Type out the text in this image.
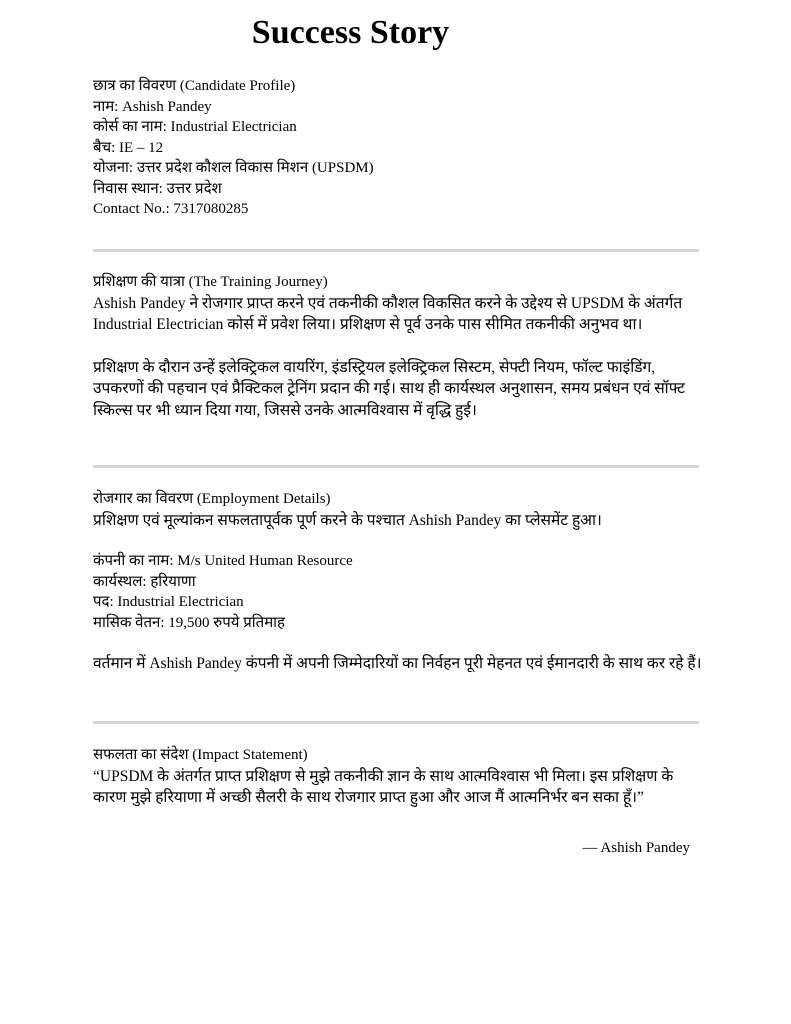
Success Story
छात्र का विवरण (Candidate Profile)
नाम: Ashish Pandey
कोर्स का नाम: Industrial Electrician
बैच: IE – 12
योजना: उत्तर प्रदेश कौशल विकास मिशन (UPSDM)
निवास स्थान: उत्तर प्रदेश
Contact No.: 7317080285
प्रशिक्षण की यात्रा (The Training Journey)
Ashish Pandey ने रोजगार प्राप्त करने एवं तकनीकी कौशल विकसित करने के उद्देश्य से UPSDM के अंतर्गत Industrial Electrician कोर्स में प्रवेश लिया। प्रशिक्षण से पूर्व उनके पास सीमित तकनीकी अनुभव था।
प्रशिक्षण के दौरान उन्हें इलेक्ट्रिकल वायरिंग, इंडस्ट्रियल इलेक्ट्रिकल सिस्टम, सेफ्टी नियम, फॉल्ट फाइंडिंग, उपकरणों की पहचान एवं प्रैक्टिकल ट्रेनिंग प्रदान की गई। साथ ही कार्यस्थल अनुशासन, समय प्रबंधन एवं सॉफ्ट स्किल्स पर भी ध्यान दिया गया, जिससे उनके आत्मविश्वास में वृद्धि हुई।
रोजगार का विवरण (Employment Details)
प्रशिक्षण एवं मूल्यांकन सफलतापूर्वक पूर्ण करने के पश्चात Ashish Pandey का प्लेसमेंट हुआ।
कंपनी का नाम: M/s United Human Resource
कार्यस्थल: हरियाणा
पद: Industrial Electrician
मासिक वेतन: 19,500 रुपये प्रतिमाह
वर्तमान में Ashish Pandey कंपनी में अपनी जिम्मेदारियों का निर्वहन पूरी मेहनत एवं ईमानदारी के साथ कर रहे हैं।
सफलता का संदेश (Impact Statement)
“UPSDM के अंतर्गत प्राप्त प्रशिक्षण से मुझे तकनीकी ज्ञान के साथ आत्मविश्वास भी मिला। इस प्रशिक्षण के कारण मुझे हरियाणा में अच्छी सैलरी के साथ रोजगार प्राप्त हुआ और आज मैं आत्मनिर्भर बन सका हूँ।”
— Ashish Pandey
